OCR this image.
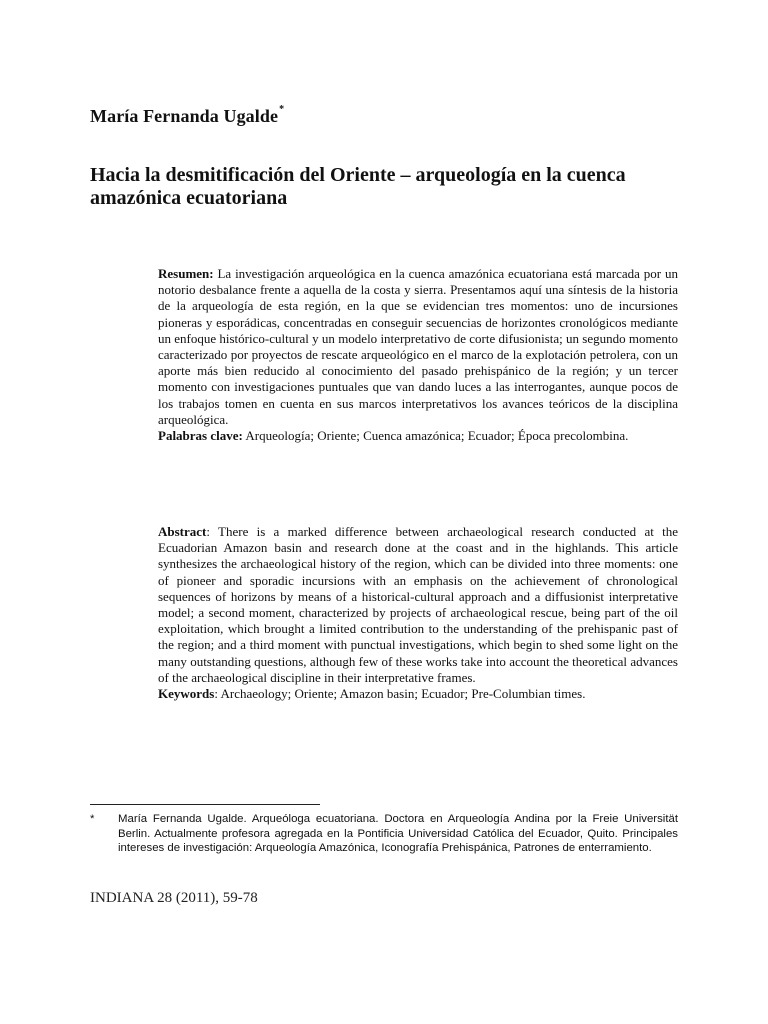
María Fernanda Ugalde*
Hacia la desmitificación del Oriente – arqueología en la cuenca amazónica ecuatoriana

Resumen: La investigación arqueológica en la cuenca amazónica ecuatoriana está marcada por un notorio desbalance frente a aquella de la costa y sierra. Presentamos aquí una síntesis de la historia de la arqueología de esta región, en la que se evidencian tres momentos: uno de incursiones pioneras y esporádicas, concentradas en conseguir secuencias de horizontes cronológicos mediante un enfoque histórico-cultural y un modelo interpretativo de corte difusionista; un segundo momento caracterizado por proyectos de rescate arqueológico en el marco de la explotación petrolera, con un aporte más bien reducido al conocimiento del pasado prehispánico de la región; y un tercer momento con investigaciones puntuales que van dando luces a las interrogantes, aunque pocos de los trabajos tomen en cuenta en sus marcos interpretativos los avances teóricos de la disciplina arqueológica.

Palabras clave: Arqueología; Oriente; Cuenca amazónica; Ecuador; Época precolombina.

Abstract: There is a marked difference between archaeological research conducted at the Ecuadorian Amazon basin and research done at the coast and in the highlands. This article synthesizes the archaeological history of the region, which can be divided into three moments: one of pioneer and sporadic incursions with an emphasis on the achievement of chronological sequences of horizons by means of a historical-cultural approach and a diffusionist interpretative model; a second moment, characterized by projects of archaeological rescue, being part of the oil exploitation, which brought a limited contribution to the understanding of the prehispanic past of the region; and a third moment with punctual investigations, which begin to shed some light on the many outstanding questions, although few of these works take into account the theoretical advances of the archaeological discipline in their interpretative frames.

Keywords: Archaeology; Oriente; Amazon basin; Ecuador; Pre-Columbian times.

* María Fernanda Ugalde. Arqueóloga ecuatoriana. Doctora en Arqueología Andina por la Freie Universität Berlin. Actualmente profesora agregada en la Pontificia Universidad Católica del Ecuador, Quito. Principales intereses de investigación: Arqueología Amazónica, Iconografía Prehispánica, Patrones de enterramiento.
INDIANA 28 (2011), 59-78
